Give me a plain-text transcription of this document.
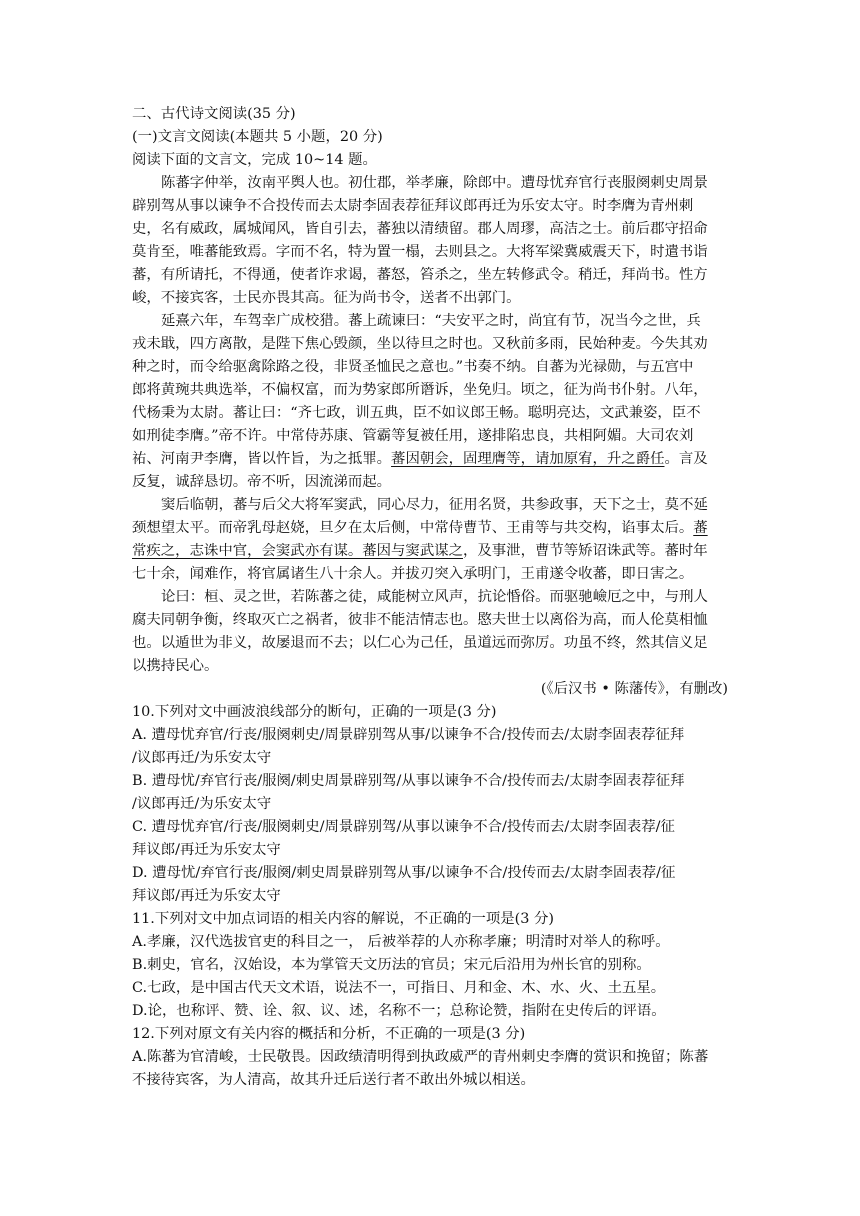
二、古代诗文阅读(35 分)
(一)文言文阅读(本题共 5 小题，20 分)
阅读下面的文言文，完成 10~14 题。
陈蕃字仲举，汝南平舆人也。初仕郡，举孝廉，除郎中。遭母忧弃官行丧服阕刺史周景
辟别驾从事以谏争不合投传而去太尉李固表荐征拜议郎再迁为乐安太守。时李膺为青州刺
史，名有威政，属城闻风，皆自引去，蕃独以清绩留。郡人周璆，高洁之士。前后郡守招命
莫肯至，唯蕃能致焉。字而不名，特为置一榻，去则县之。大将军梁冀威震天下，时遣书诣
蕃，有所请托，不得通，使者诈求谒，蕃怒，笞杀之，坐左转修武令。稍迁，拜尚书。性方
峻，不接宾客，士民亦畏其高。征为尚书令，送者不出郭门。
延熹六年，车驾幸广成校猎。蕃上疏谏曰：“夫安平之时，尚宜有节，况当今之世，兵
戎未戢，四方离散，是陛下焦心毁颜，坐以待旦之时也。又秋前多雨，民始种麦。今失其劝
种之时，而令给驱禽除路之役，非贤圣恤民之意也。”书奏不纳。自蕃为光禄勋，与五宫中
郎将黄琬共典选举，不偏权富，而为势家郎所谮诉，坐免归。顷之，征为尚书仆射。八年，
代杨秉为太尉。蕃让曰：“齐七政，训五典，臣不如议郎王畅。聪明亮达，文武兼姿，臣不
如刑徒李膺。”帝不许。中常侍苏康、管霸等复被任用，遂排陷忠良，共相阿媚。大司农刘
祐、河南尹李膺，皆以忤旨，为之抵罪。蕃因朝会，固理膺等，请加原宥，升之爵任。言及
反复，诚辞恳切。帝不听，因流涕而起。
窦后临朝，蕃与后父大将军窦武，同心尽力，征用名贤，共参政事，天下之士，莫不延
颈想望太平。而帝乳母赵娆，旦夕在太后侧，中常侍曹节、王甫等与共交构，谄事太后。蕃
常疾之，志诛中官，会窦武亦有谋。蕃因与窦武谋之，及事泄，曹节等矫诏诛武等。蕃时年
七十余，闻难作，将官属诸生八十余人。并拔刃突入承明门，王甫遂令收蕃，即日害之。
论曰：桓、灵之世，若陈蕃之徒，咸能树立风声，抗论惛俗。而驱驰嶮厄之中，与刑人
腐夫同朝争衡，终取灭亡之祸者，彼非不能洁情志也。愍夫世士以离俗为高，而人伦莫相恤
也。以遁世为非义，故屡退而不去；以仁心为己任，虽道远而弥厉。功虽不终，然其信义足
以携持民心。
(《后汉书 • 陈藩传》，有删改)
10.下列对文中画波浪线部分的断句，正确的一项是(3 分)
A. 遭母忧弃官/行丧/服阕刺史/周景辟别驾从事/以谏争不合/投传而去/太尉李固表荐征拜
/议郎再迁/为乐安太守
B. 遭母忧/弃官行丧/服阕/刺史周景辟别驾/从事以谏争不合/投传而去/太尉李固表荐征拜
/议郎再迁/为乐安太守
C. 遭母忧弃官/行丧/服阕刺史/周景辟别驾/从事以谏争不合/投传而去/太尉李固表荐/征
拜议郎/再迁为乐安太守
D. 遭母忧/弃官行丧/服阕/刺史周景辟别驾从事/以谏争不合/投传而去/太尉李固表荐/征
拜议郎/再迁为乐安太守
11.下列对文中加点词语的相关内容的解说，不正确的一项是(3 分)
A.孝廉，汉代选拔官吏的科目之一， 后被举荐的人亦称孝廉；明清时对举人的称呼。
B.刺史，官名，汉始设，本为掌管天文历法的官员；宋元后沿用为州长官的别称。
C.七政，是中国古代天文术语，说法不一，可指日、月和金、木、水、火、土五星。
D.论，也称评、赞、诠、叙、议、述，名称不一；总称论赞，指附在史传后的评语。
12.下列对原文有关内容的概括和分析，不正确的一项是(3 分)
A.陈蕃为官清峻，士民敬畏。因政绩清明得到执政威严的青州刺史李膺的赏识和挽留；陈蕃
不接待宾客，为人清高，故其升迁后送行者不敢出外城以相送。
